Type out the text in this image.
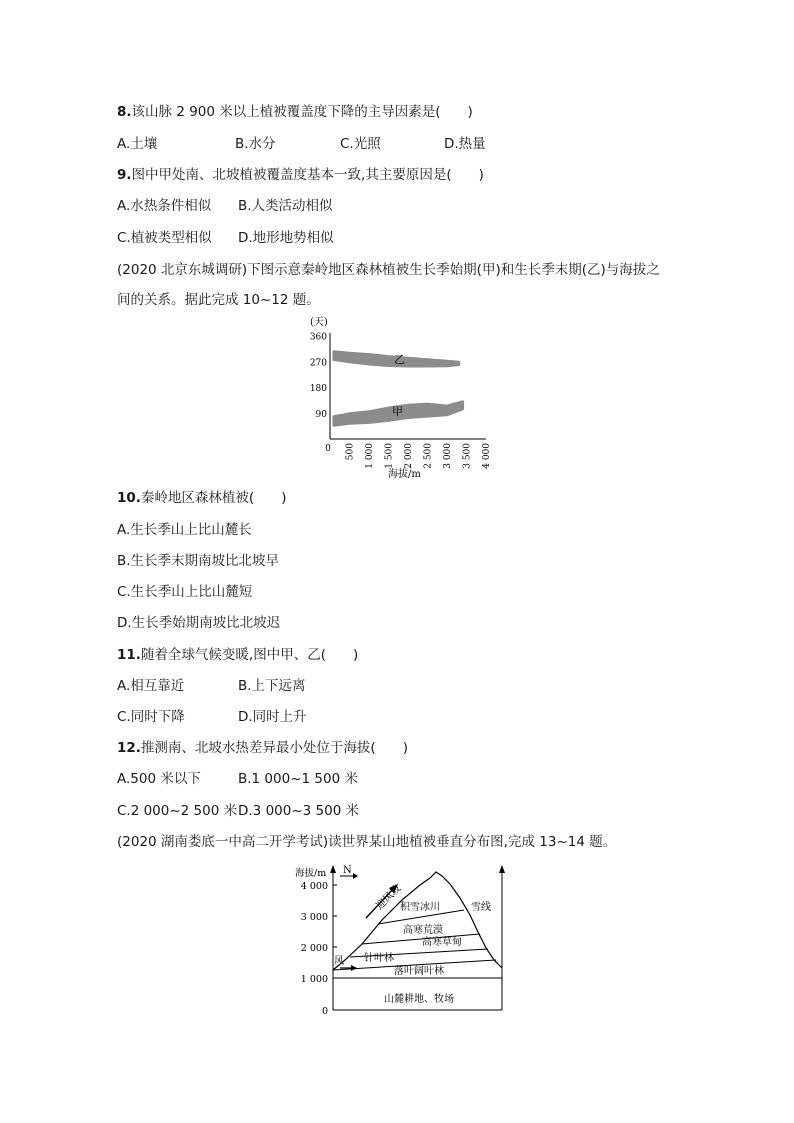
8.该山脉 2 900 米以上植被覆盖度下降的主导因素是(　　)
A.土壤	B.水分	C.光照	D.热量
9.图中甲处南、北坡植被覆盖度基本一致,其主要原因是(　　)
A.水热条件相似 B.人类活动相似
C.植被类型相似 D.地形地势相似
(2020 北京东城调研)下图示意秦岭地区森林植被生长季始期(甲)和生长季末期(乙)与海拔之
间的关系。据此完成 10~12 题。
(天)
360
270
180
90
0 500 1 000 1 500 2 000 2 500 3 000 3 500 4 000
乙
甲
海拔/m
10.秦岭地区森林植被(　　)
A.生长季山上比山麓长
B.生长季末期南坡比北坡早
C.生长季山上比山麓短
D.生长季始期南坡比北坡迟
11.随着全球气候变暖,图中甲、乙(　　)
A.相互靠近	B.上下远离
C.同时下降	D.同时上升
12.推测南、北坡水热差异最小处位于海拔(　　)
A.500 米以下	B.1 000~1 500 米
C.2 000~2 500 米 D.3 000~3 500 米
(2020 湖南娄底一中高二开学考试)读世界某山地植被垂直分布图,完成 13~14 题。
海拔/m N
4 000
3 000
2 000
1 000
0
迎风坡
风
积雪冰川	雪线
高寒荒漠
高寒草甸
针叶林
落叶阔叶林
山麓耕地、牧场
